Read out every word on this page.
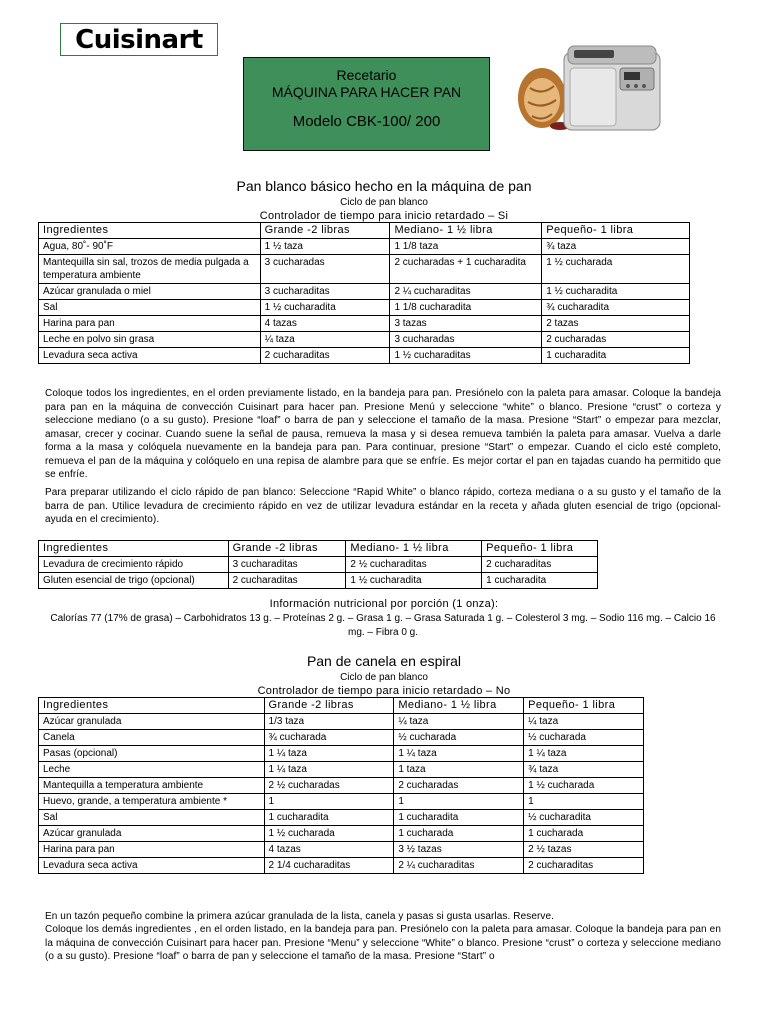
Cuisinart
Recetario
MÁQUINA PARA HACER PAN
Modelo CBK-100/ 200
Pan blanco básico hecho en la máquina de pan
Ciclo de pan blanco
Controlador de tiempo para inicio retardado – Si
Ingredientes	Grande -2 libras	Mediano- 1 ½ libra	Pequeño- 1 libra
Agua, 80˚- 90˚F	1 ½ taza	1 1/8 taza	¾ taza
Mantequilla sin sal, trozos de media pulgada a temperatura ambiente	3 cucharadas	2 cucharadas + 1 cucharadita	1 ½ cucharada
Azúcar granulada o miel	3 cucharaditas	2 ¼ cucharaditas	1 ½ cucharadita
Sal	1 ½ cucharadita	1 1/8 cucharadita	¾ cucharadita
Harina para pan	4 tazas	3 tazas	2 tazas
Leche en polvo sin grasa	¼ taza	3 cucharadas	2 cucharadas
Levadura seca activa	2 cucharaditas	1 ½ cucharaditas	1 cucharadita
Coloque todos los ingredientes, en el orden previamente listado, en la bandeja para pan. Presiónelo con la paleta para amasar. Coloque la bandeja para pan en la máquina de convección Cuisinart para hacer pan. Presione Menú y seleccione “white” o blanco. Presione “crust” o corteza y seleccione mediano (o a su gusto). Presione “loaf” o barra de pan y seleccione el tamaño de la masa. Presione “Start” o empezar para mezclar, amasar, crecer y cocinar. Cuando suene la señal de pausa, remueva la masa y si desea remueva también la paleta para amasar. Vuelva a darle forma a la masa y colóquela nuevamente en la bandeja para pan. Para continuar, presione “Start” o empezar. Cuando el ciclo esté completo, remueva el pan de la máquina y colóquelo en una repisa de alambre para que se enfríe. Es mejor cortar el pan en tajadas cuando ha permitido que se enfríe.
Para preparar utilizando el ciclo rápido de pan blanco: Seleccione “Rapid White” o blanco rápido, corteza mediana o a su gusto y el tamaño de la barra de pan. Utilice levadura de crecimiento rápido en vez de utilizar levadura estándar en la receta y añada gluten esencial de trigo (opcional- ayuda en el crecimiento).
Ingredientes	Grande -2 libras	Mediano- 1 ½ libra	Pequeño- 1 libra
Levadura de crecimiento rápido	3 cucharaditas	2 ½ cucharaditas	2 cucharaditas
Gluten esencial de trigo (opcional)	2 cucharaditas	1 ½ cucharadita	1 cucharadita
Información nutricional por porción (1 onza):
Calorías 77 (17% de grasa) – Carbohidratos 13 g. – Proteínas 2 g. – Grasa 1 g. – Grasa Saturada 1 g. – Colesterol 3 mg. – Sodio 116 mg. – Calcio 16 mg. – Fibra 0 g.
Pan de canela en espiral
Ciclo de pan blanco
Controlador de tiempo para inicio retardado – No
Ingredientes	Grande -2 libras	Mediano- 1 ½ libra	Pequeño- 1 libra
Azúcar granulada	1/3 taza	¼ taza	¼ taza
Canela	¾ cucharada	½ cucharada	½ cucharada
Pasas (opcional)	1 ¼ taza	1 ¼ taza	1 ¼ taza
Leche	1 ¼ taza	1 taza	¾ taza
Mantequilla a temperatura ambiente	2 ½ cucharadas	2 cucharadas	1 ½ cucharada
Huevo, grande, a temperatura ambiente *	1	1	1
Sal	1 cucharadita	1 cucharadita	½ cucharadita
Azúcar granulada	1 ½ cucharada	1 cucharada	1 cucharada
Harina para pan	4 tazas	3 ½ tazas	2 ½ tazas
Levadura seca activa	2 1/4 cucharaditas	2 ¼ cucharaditas	2 cucharaditas
En un tazón pequeño combine la primera azúcar granulada de la lista, canela y pasas si gusta usarlas. Reserve.
Coloque los demás ingredientes , en el orden listado, en la bandeja para pan. Presiónelo con la paleta para amasar. Coloque la bandeja para pan en la máquina de convección Cuisinart para hacer pan. Presione “Menu” y seleccione “White” o blanco. Presione “crust” o corteza y seleccione mediano (o a su gusto). Presione “loaf” o barra de pan y seleccione el tamaño de la masa. Presione “Start” o
